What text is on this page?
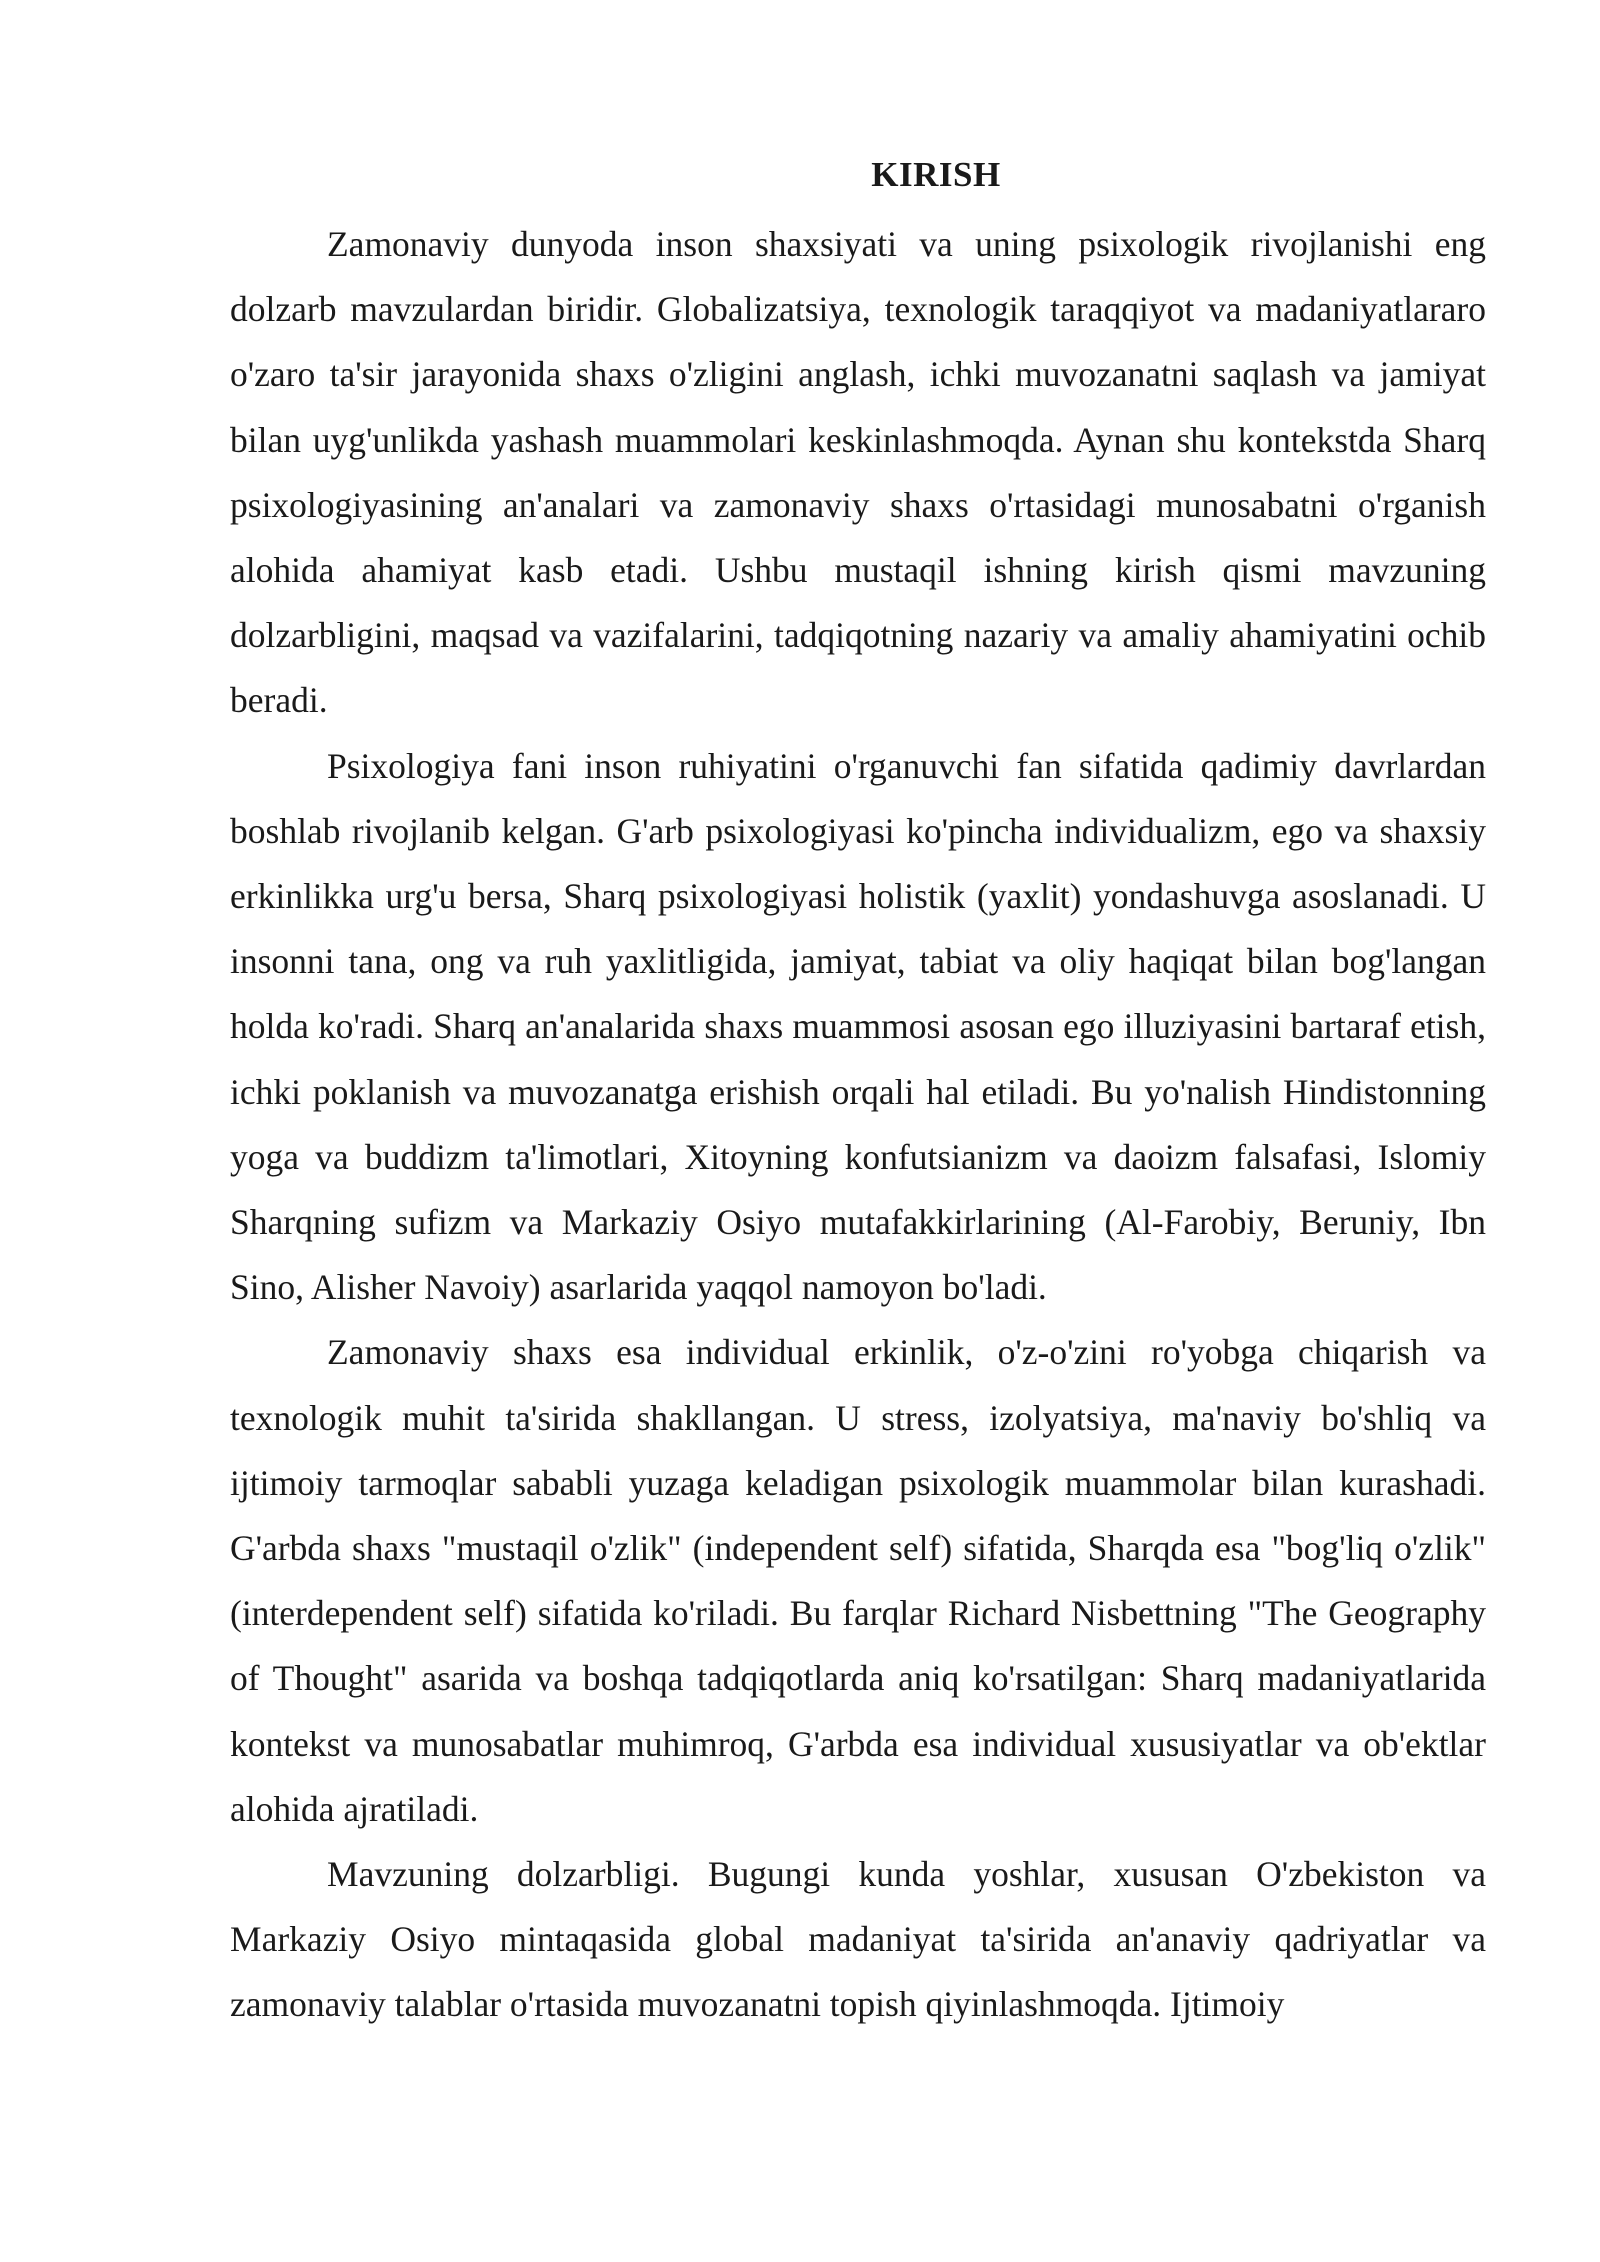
KIRISH

Zamonaviy dunyoda inson shaxsiyati va uning psixologik rivojlanishi eng dolzarb mavzulardan biridir. Globalizatsiya, texnologik taraqqiyot va madaniyatlararo o'zaro ta'sir jarayonida shaxs o'zligini anglash, ichki muvozanatni saqlash va jamiyat bilan uyg'unlikda yashash muammolari keskinlashmoqda. Aynan shu kontekstda Sharq psixologiyasining an'analari va zamonaviy shaxs o'rtasidagi munosabatni o'rganish alohida ahamiyat kasb etadi. Ushbu mustaqil ishning kirish qismi mavzuning dolzarbligini, maqsad va vazifalarini, tadqiqotning nazariy va amaliy ahamiyatini ochib beradi.

Psixologiya fani inson ruhiyatini o'rganuvchi fan sifatida qadimiy davrlardan boshlab rivojlanib kelgan. G'arb psixologiyasi ko'pincha individualizm, ego va shaxsiy erkinlikka urg'u bersa, Sharq psixologiyasi holistik (yaxlit) yondashuvga asoslanadi. U insonni tana, ong va ruh yaxlitligida, jamiyat, tabiat va oliy haqiqat bilan bog'langan holda ko'radi. Sharq an'analarida shaxs muammosi asosan ego illuziyasini bartaraf etish, ichki poklanish va muvozanatga erishish orqali hal etiladi. Bu yo'nalish Hindistonning yoga va buddizm ta'limotlari, Xitoyning konfutsianizm va daoizm falsafasi, Islomiy Sharqning sufizm va Markaziy Osiyo mutafakkirlarining (Al-Farobiy, Beruniy, Ibn Sino, Alisher Navoiy) asarlarida yaqqol namoyon bo'ladi.

Zamonaviy shaxs esa individual erkinlik, o'z-o'zini ro'yobga chiqarish va texnologik muhit ta'sirida shakllangan. U stress, izolyatsiya, ma'naviy bo'shliq va ijtimoiy tarmoqlar sababli yuzaga keladigan psixologik muammolar bilan kurashadi. G'arbda shaxs "mustaqil o'zlik" (independent self) sifatida, Sharqda esa "bog'liq o'zlik" (interdependent self) sifatida ko'riladi. Bu farqlar Richard Nisbettning "The Geography of Thought" asarida va boshqa tadqiqotlarda aniq ko'rsatilgan: Sharq madaniyatlarida kontekst va munosabatlar muhimroq, G'arbda esa individual xususiyatlar va ob'ektlar alohida ajratiladi.

Mavzuning dolzarbligi. Bugungi kunda yoshlar, xususan O'zbekiston va Markaziy Osiyo mintaqasida global madaniyat ta'sirida an'anaviy qadriyatlar va zamonaviy talablar o'rtasida muvozanatni topish qiyinlashmoqda. Ijtimoiy
